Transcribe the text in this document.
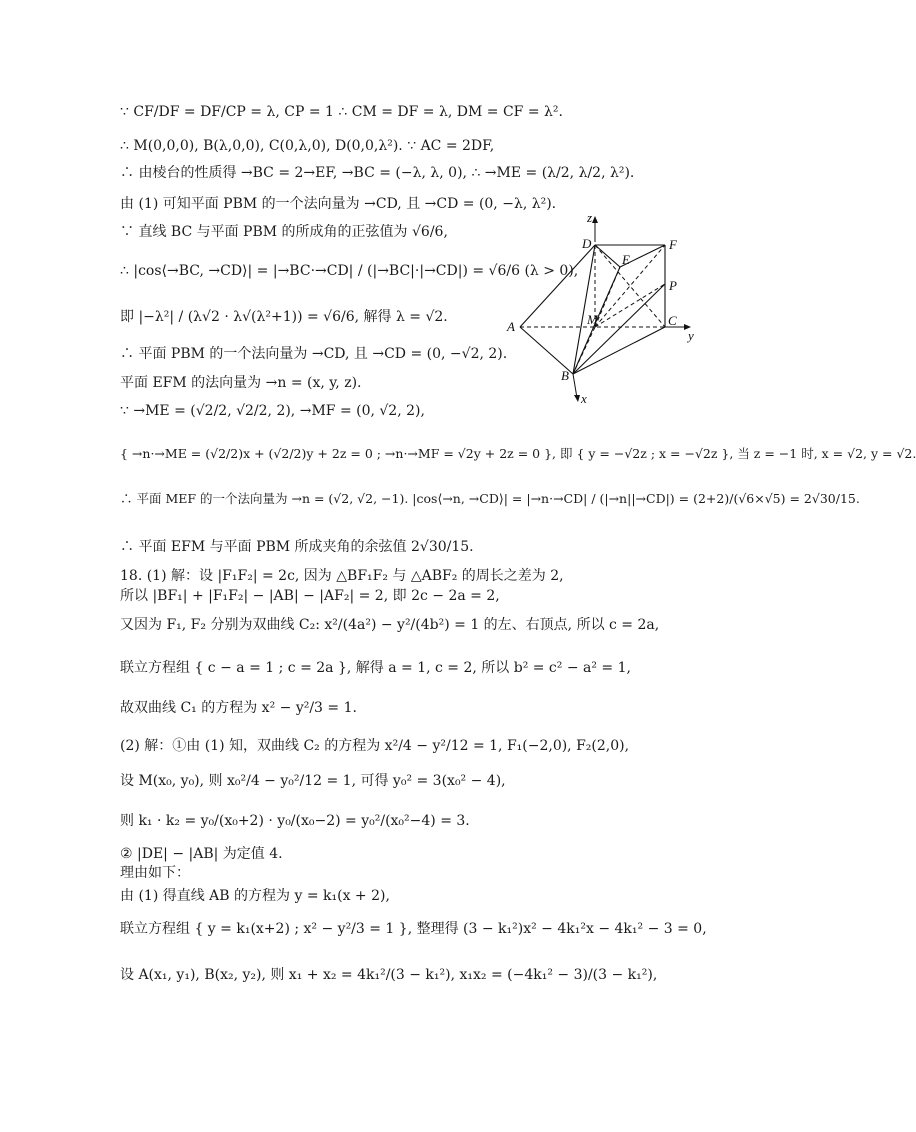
∵ CF/DF = DF/CP = λ, CP = 1 ∴ CM = DF = λ, DM = CF = λ².
∴ M(0,0,0), B(λ,0,0), C(0,λ,0), D(0,0,λ²). ∵ AC = 2DF,
∴ 由棱台的性质得 →BC = 2→EF, →BC = (−λ, λ, 0), ∴ →ME = (λ/2, λ/2, λ²).
由 (1) 可知平面 PBM 的一个法向量为 →CD, 且 →CD = (0, −λ, λ²).
∵ 直线 BC 与平面 PBM 的所成角的正弦值为 √6/6,
∴ |cos⟨→BC, →CD⟩| = |→BC·→CD| / (|→BC|·|→CD|) = √6/6 (λ > 0),
即 |−λ²| / (λ√2 · λ√(λ²+1)) = √6/6, 解得 λ = √2.
∴ 平面 PBM 的一个法向量为 →CD, 且 →CD = (0, −√2, 2).
平面 EFM 的法向量为 →n = (x, y, z).
∵ →ME = (√2/2, √2/2, 2), →MF = (0, √2, 2),
{ →n·→ME = (√2/2)x + (√2/2)y + 2z = 0 ; →n·→MF = √2y + 2z = 0 }, 即 { y = −√2z ; x = −√2z }, 当 z = −1 时, x = √2, y = √2.
∴ 平面 MEF 的一个法向量为 →n = (√2, √2, −1). |cos⟨→n, →CD⟩| = |→n·→CD| / (|→n||→CD|) = (2+2)/(√6×√5) = 2√30/15.
∴ 平面 EFM 与平面 PBM 所成夹角的余弦值 2√30/15.
18. (1) 解：设 |F₁F₂| = 2c, 因为 △BF₁F₂ 与 △ABF₂ 的周长之差为 2,
所以 |BF₁| + |F₁F₂| − |AB| − |AF₂| = 2, 即 2c − 2a = 2,
又因为 F₁, F₂ 分别为双曲线 C₂: x²/(4a²) − y²/(4b²) = 1 的左、右顶点, 所以 c = 2a,
联立方程组 { c − a = 1 ; c = 2a }, 解得 a = 1, c = 2, 所以 b² = c² − a² = 1,
故双曲线 C₁ 的方程为 x² − y²/3 = 1.
(2) 解：①由 (1) 知，双曲线 C₂ 的方程为 x²/4 − y²/12 = 1, F₁(−2,0), F₂(2,0),
设 M(x₀, y₀), 则 x₀²/4 − y₀²/12 = 1, 可得 y₀² = 3(x₀² − 4),
则 k₁ · k₂ = y₀/(x₀+2) · y₀/(x₀−2) = y₀²/(x₀²−4) = 3.
② |DE| − |AB| 为定值 4.
理由如下：
由 (1) 得直线 AB 的方程为 y = k₁(x + 2),
联立方程组 { y = k₁(x+2) ; x² − y²/3 = 1 }, 整理得 (3 − k₁²)x² − 4k₁²x − 4k₁² − 3 = 0,
设 A(x₁, y₁), B(x₂, y₂), 则 x₁ + x₂ = 4k₁²/(3 − k₁²), x₁x₂ = (−4k₁² − 3)/(3 − k₁²),
z
D	F
E
P
A	M	C
y
B
x
